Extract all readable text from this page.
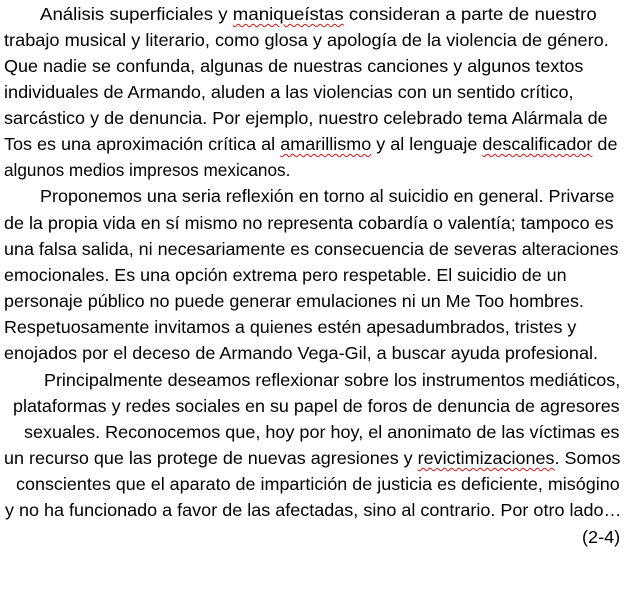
Análisis superficiales y maniqueístas consideran a parte de nuestro
trabajo musical y literario, como glosa y apología de la violencia de género.
Que nadie se confunda, algunas de nuestras canciones y algunos textos
individuales de Armando, aluden a las violencias con un sentido crítico,
sarcástico y de denuncia. Por ejemplo, nuestro celebrado tema Alármala de
Tos es una aproximación crítica al amarillismo y al lenguaje descalificador de
algunos medios impresos mexicanos.
Proponemos una seria reflexión en torno al suicidio en general. Privarse
de la propia vida en sí mismo no representa cobardía o valentía; tampoco es
una falsa salida, ni necesariamente es consecuencia de severas alteraciones
emocionales. Es una opción extrema pero respetable. El suicidio de un
personaje público no puede generar emulaciones ni un Me Too hombres.
Respetuosamente invitamos a quienes estén apesadumbrados, tristes y
enojados por el deceso de Armando Vega-Gil, a buscar ayuda profesional.
Principalmente deseamos reflexionar sobre los instrumentos mediáticos,
plataformas y redes sociales en su papel de foros de denuncia de agresores
sexuales. Reconocemos que, hoy por hoy, el anonimato de las víctimas es
un recurso que las protege de nuevas agresiones y revictimizaciones. Somos
conscientes que el aparato de impartición de justicia es deficiente, misógino
y no ha funcionado a favor de las afectadas, sino al contrario. Por otro lado…
(2-4)
